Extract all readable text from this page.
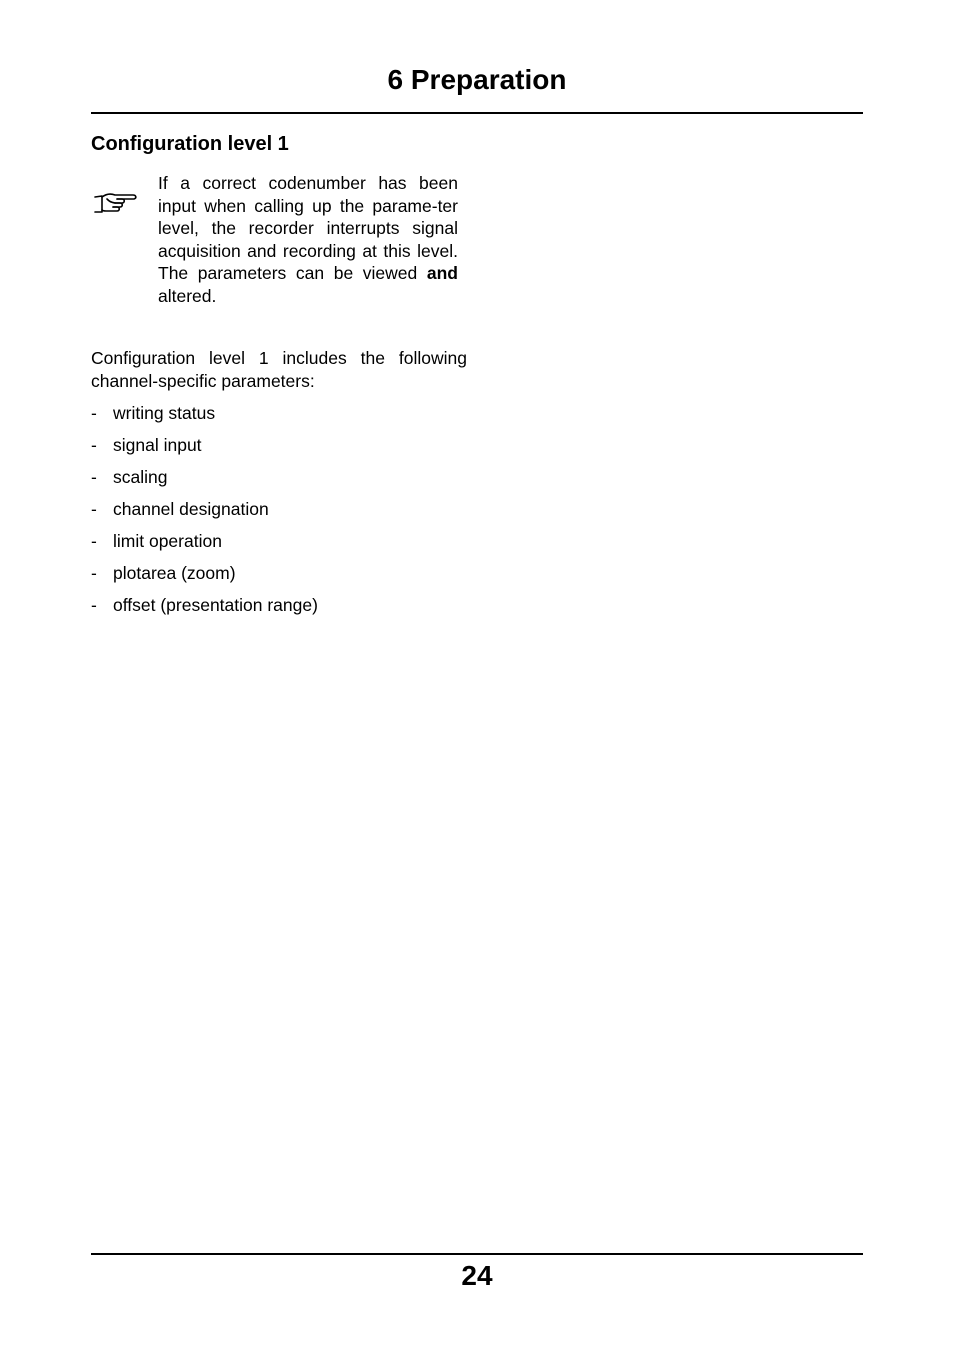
6 Preparation
Configuration level 1

If a correct codenumber has been input when calling up the parame-ter level, the recorder interrupts signal acquisition and recording at this level. The parameters can be viewed and altered.

Configuration level 1 includes the following channel-specific parameters:

- writing status
- signal input
- scaling
- channel designation
- limit operation
- plotarea (zoom)
- offset (presentation range)
24
